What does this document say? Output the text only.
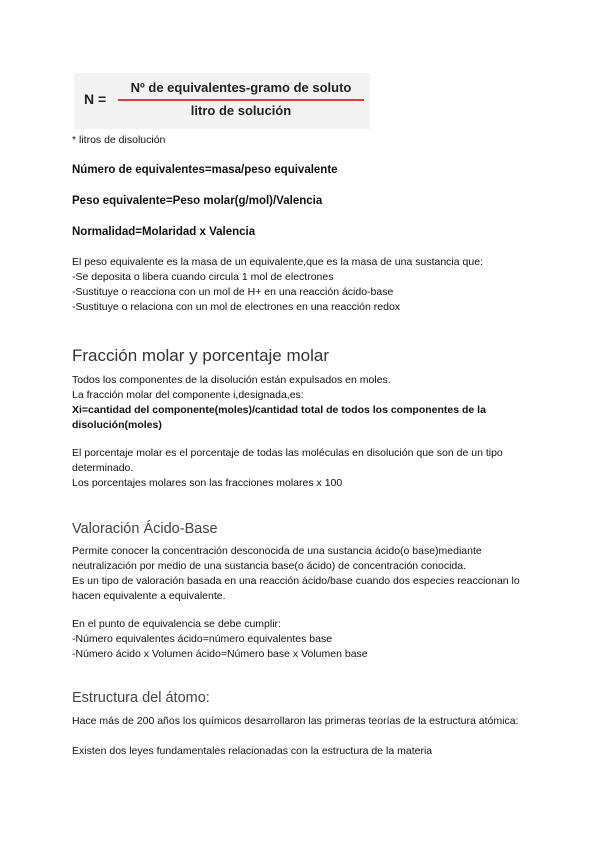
N =
Nº de equivalentes-gramo de soluto
litro de solución
* litros de disolución
Número de equivalentes=masa/peso equivalente
Peso equivalente=Peso molar(g/mol)/Valencia
Normalidad=Molaridad x Valencia
El peso equivalente es la masa de un equivalente,que es la masa de una sustancia que:
-Se deposita o libera cuando circula 1 mol de electrones
-Sustituye o reacciona con un mol de H+ en una reacción ácido-base
-Sustituye o relaciona con un mol de electrones en una reacción redox
Fracción molar y porcentaje molar
Todos los componentes de la disolución están expulsados en moles.
La fracción molar del componente i,designada,es:
Xi=cantidad del componente(moles)/cantidad total de todos los componentes de la disolución(moles)
El porcentaje molar es el porcentaje de todas las moléculas en disolución que son de un tipo determinado.
Los porcentajes molares son las fracciones molares x 100
Valoración Ácido-Base
Permite conocer la concentración desconocida de una sustancia ácido(o base)mediante neutralización por medio de una sustancia base(o ácido) de concentración conocida.
Es un tipo de valoración basada en una reacción ácido/base cuando dos especies reaccionan lo hacen equivalente a equivalente.
En el punto de equivalencia se debe cumplir:
-Número equivalentes ácido=número equivalentes base
-Número ácido x Volumen ácido=Número base x Volumen base
Estructura del átomo:
Hace más de 200 años los químicos desarrollaron las primeras teorías de la estructura atómica:
Existen dos leyes fundamentales relacionadas con la estructura de la materia
